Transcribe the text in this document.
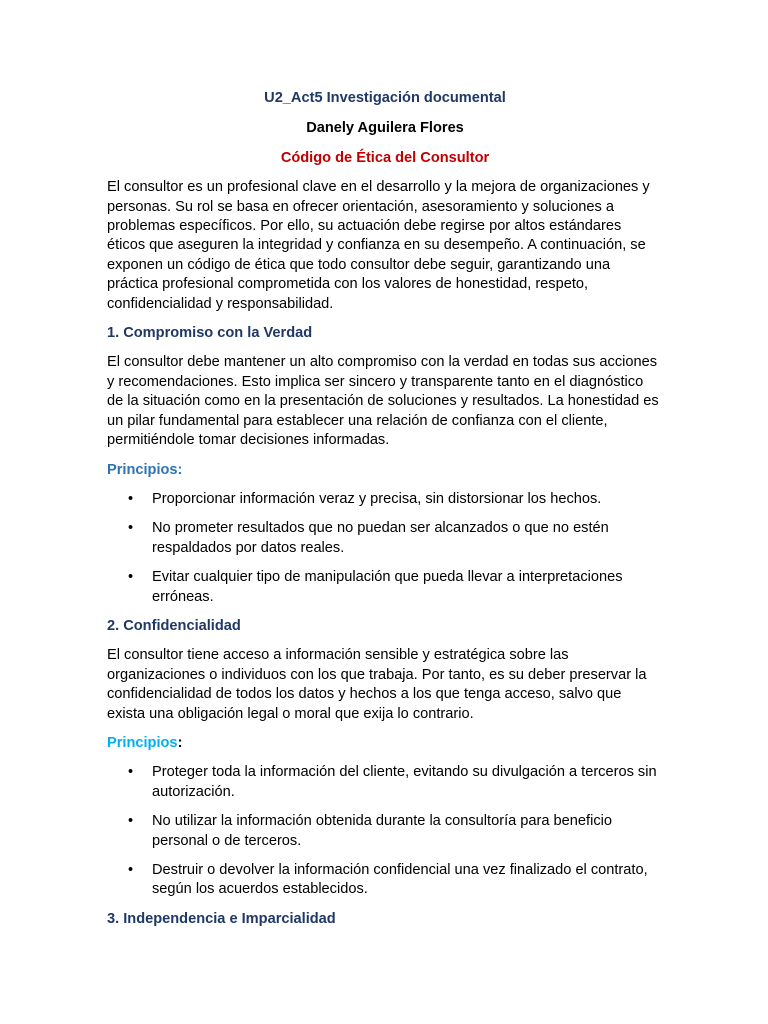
U2_Act5 Investigación documental

Danely Aguilera Flores

Código de Ética del Consultor

El consultor es un profesional clave en el desarrollo y la mejora de organizaciones y personas. Su rol se basa en ofrecer orientación, asesoramiento y soluciones a problemas específicos. Por ello, su actuación debe regirse por altos estándares éticos que aseguren la integridad y confianza en su desempeño. A continuación, se exponen un código de ética que todo consultor debe seguir, garantizando una práctica profesional comprometida con los valores de honestidad, respeto, confidencialidad y responsabilidad.

1. Compromiso con la Verdad

El consultor debe mantener un alto compromiso con la verdad en todas sus acciones y recomendaciones. Esto implica ser sincero y transparente tanto en el diagnóstico de la situación como en la presentación de soluciones y resultados. La honestidad es un pilar fundamental para establecer una relación de confianza con el cliente, permitiéndole tomar decisiones informadas.

Principios:

• Proporcionar información veraz y precisa, sin distorsionar los hechos.
• No prometer resultados que no puedan ser alcanzados o que no estén respaldados por datos reales.
• Evitar cualquier tipo de manipulación que pueda llevar a interpretaciones erróneas.
2. Confidencialidad

El consultor tiene acceso a información sensible y estratégica sobre las organizaciones o individuos con los que trabaja. Por tanto, es su deber preservar la confidencialidad de todos los datos y hechos a los que tenga acceso, salvo que exista una obligación legal o moral que exija lo contrario.

Principios:

• Proteger toda la información del cliente, evitando su divulgación a terceros sin autorización.
• No utilizar la información obtenida durante la consultoría para beneficio personal o de terceros.
• Destruir o devolver la información confidencial una vez finalizado el contrato, según los acuerdos establecidos.
3. Independencia e Imparcialidad
